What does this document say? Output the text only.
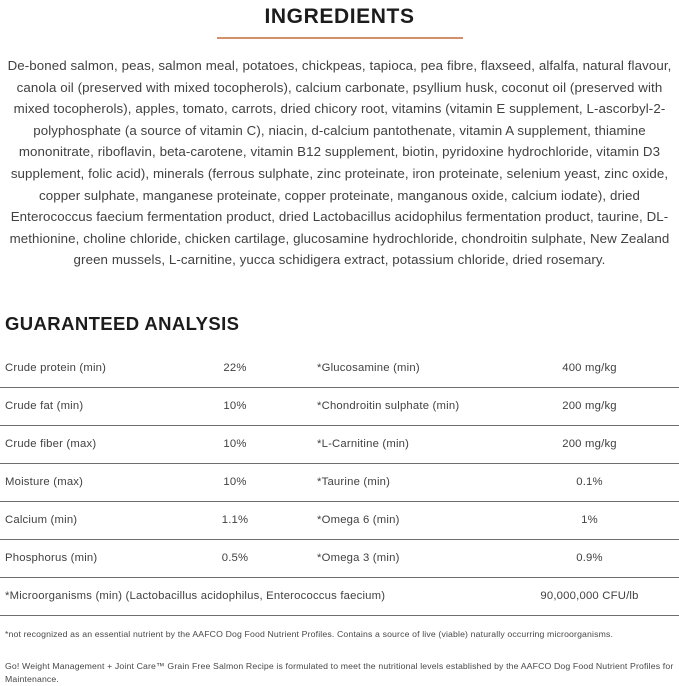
INGREDIENTS

De-boned salmon, peas, salmon meal, potatoes, chickpeas, tapioca, pea fibre, flaxseed, alfalfa, natural flavour, canola oil (preserved with mixed tocopherols), calcium carbonate, psyllium husk, coconut oil (preserved with mixed tocopherols), apples, tomato, carrots, dried chicory root, vitamins (vitamin E supplement, L-ascorbyl-2-polyphosphate (a source of vitamin C), niacin, d-calcium pantothenate, vitamin A supplement, thiamine mononitrate, riboflavin, beta-carotene, vitamin B12 supplement, biotin, pyridoxine hydrochloride, vitamin D3 supplement, folic acid), minerals (ferrous sulphate, zinc proteinate, iron proteinate, selenium yeast, zinc oxide, copper sulphate, manganese proteinate, copper proteinate, manganous oxide, calcium iodate), dried Enterococcus faecium fermentation product, dried Lactobacillus acidophilus fermentation product, taurine, DL-methionine, choline chloride, chicken cartilage, glucosamine hydrochloride, chondroitin sulphate, New Zealand green mussels, L-carnitine, yucca schidigera extract, potassium chloride, dried rosemary.

GUARANTEED ANALYSIS
Crude protein (min)	22%	*Glucosamine (min)	400 mg/kg
Crude fat (min)	10%	*Chondroitin sulphate (min)	200 mg/kg
Crude fiber (max)	10%	*L-Carnitine (min)	200 mg/kg
Moisture (max)	10%	*Taurine (min)	0.1%
Calcium (min)	1.1%	*Omega 6 (min)	1%
Phosphorus (min)	0.5%	*Omega 3 (min)	0.9%
*Microorganisms (min) (Lactobacillus acidophilus, Enterococcus faecium)	90,000,000 CFU/lb

*not recognized as an essential nutrient by the AAFCO Dog Food Nutrient Profiles. Contains a source of live (viable) naturally occurring microorganisms.

Go! Weight Management + Joint Care™ Grain Free Salmon Recipe is formulated to meet the nutritional levels established by the AAFCO Dog Food Nutrient Profiles for Maintenance.
